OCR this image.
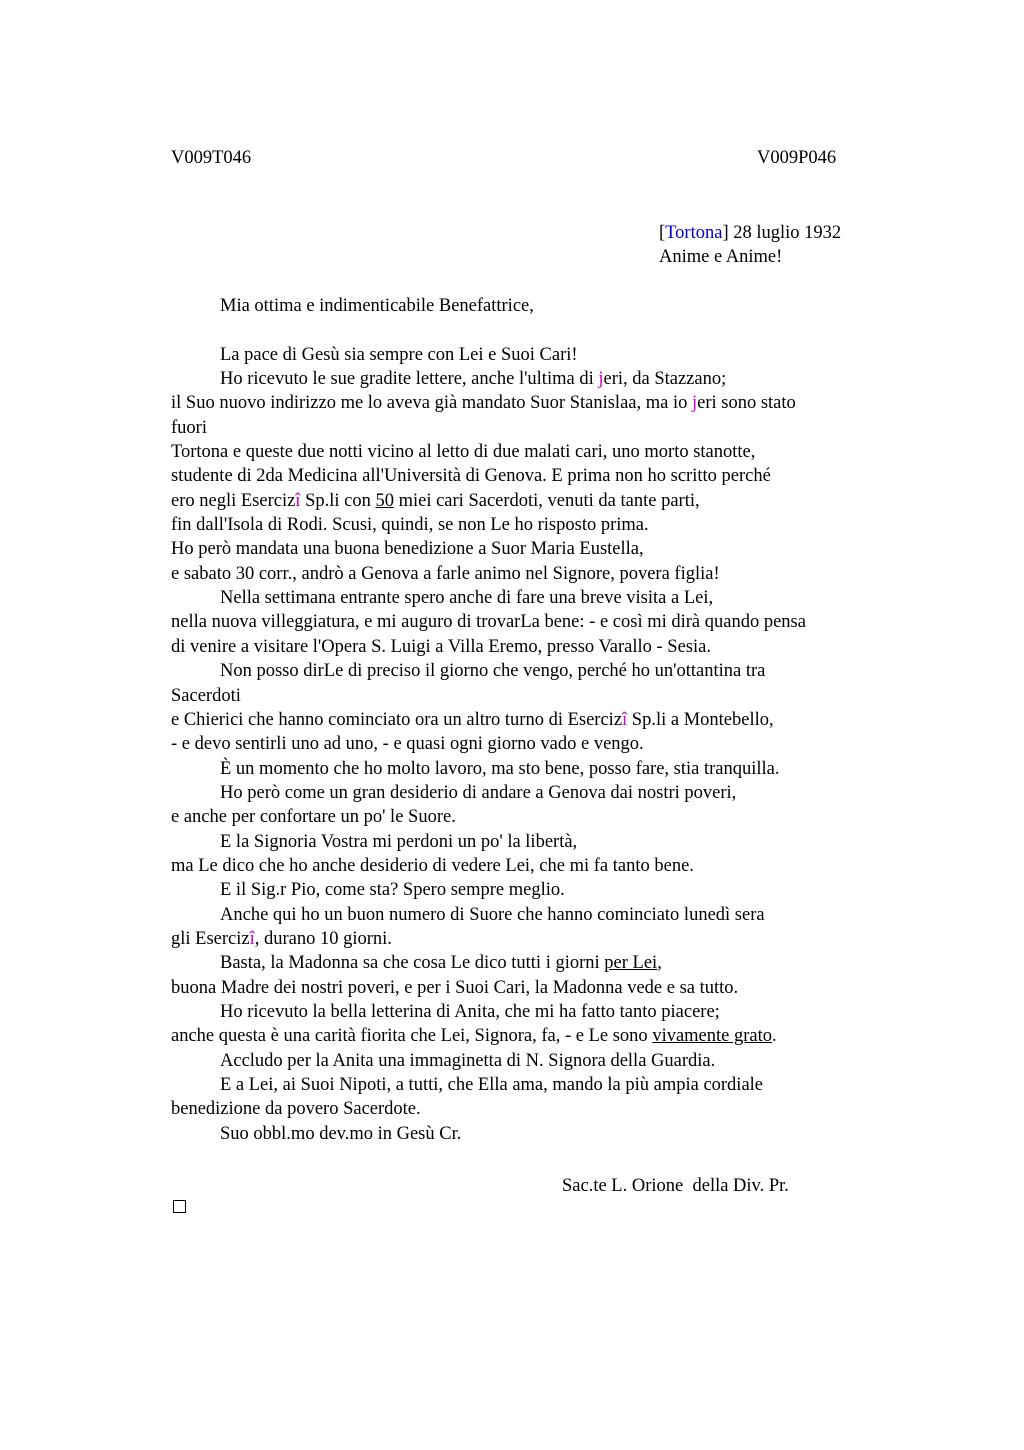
V009T046	V009P046
[Tortona] 28 luglio 1932
Anime e Anime!
Mia ottima e indimenticabile Benefattrice,
La pace di Gesù sia sempre con Lei e Suoi Cari!
Ho ricevuto le sue gradite lettere, anche l'ultima di jeri, da Stazzano;
il Suo nuovo indirizzo me lo aveva già mandato Suor Stanislaa, ma io jeri sono stato
fuori
Tortona e queste due notti vicino al letto di due malati cari, uno morto stanotte,
studente di 2da Medicina all'Università di Genova. E prima non ho scritto perché
ero negli Esercizî Sp.li con 50 miei cari Sacerdoti, venuti da tante parti,
fin dall'Isola di Rodi. Scusi, quindi, se non Le ho risposto prima.
Ho però mandata una buona benedizione a Suor Maria Eustella,
e sabato 30 corr., andrò a Genova a farle animo nel Signore, povera figlia!
Nella settimana entrante spero anche di fare una breve visita a Lei,
nella nuova villeggiatura, e mi auguro di trovarLa bene: - e così mi dirà quando pensa
di venire a visitare l'Opera S. Luigi a Villa Eremo, presso Varallo - Sesia.
Non posso dirLe di preciso il giorno che vengo, perché ho un'ottantina tra
Sacerdoti
e Chierici che hanno cominciato ora un altro turno di Esercizî Sp.li a Montebello,
- e devo sentirli uno ad uno, - e quasi ogni giorno vado e vengo.
È un momento che ho molto lavoro, ma sto bene, posso fare, stia tranquilla.
Ho però come un gran desiderio di andare a Genova dai nostri poveri,
e anche per confortare un po' le Suore.
E la Signoria Vostra mi perdoni un po' la libertà,
ma Le dico che ho anche desiderio di vedere Lei, che mi fa tanto bene.
E il Sig.r Pio, come sta? Spero sempre meglio.
Anche qui ho un buon numero di Suore che hanno cominciato lunedì sera
gli Esercizî, durano 10 giorni.
Basta, la Madonna sa che cosa Le dico tutti i giorni per Lei,
buona Madre dei nostri poveri, e per i Suoi Cari, la Madonna vede e sa tutto.
Ho ricevuto la bella letterina di Anita, che mi ha fatto tanto piacere;
anche questa è una carità fiorita che Lei, Signora, fa, - e Le sono vivamente grato.
Accludo per la Anita una immaginetta di N. Signora della Guardia.
E a Lei, ai Suoi Nipoti, a tutti, che Ella ama, mando la più ampia cordiale
benedizione da povero Sacerdote.
Suo obbl.mo dev.mo in Gesù Cr.
Sac.te L. Orione  della Div. Pr.
